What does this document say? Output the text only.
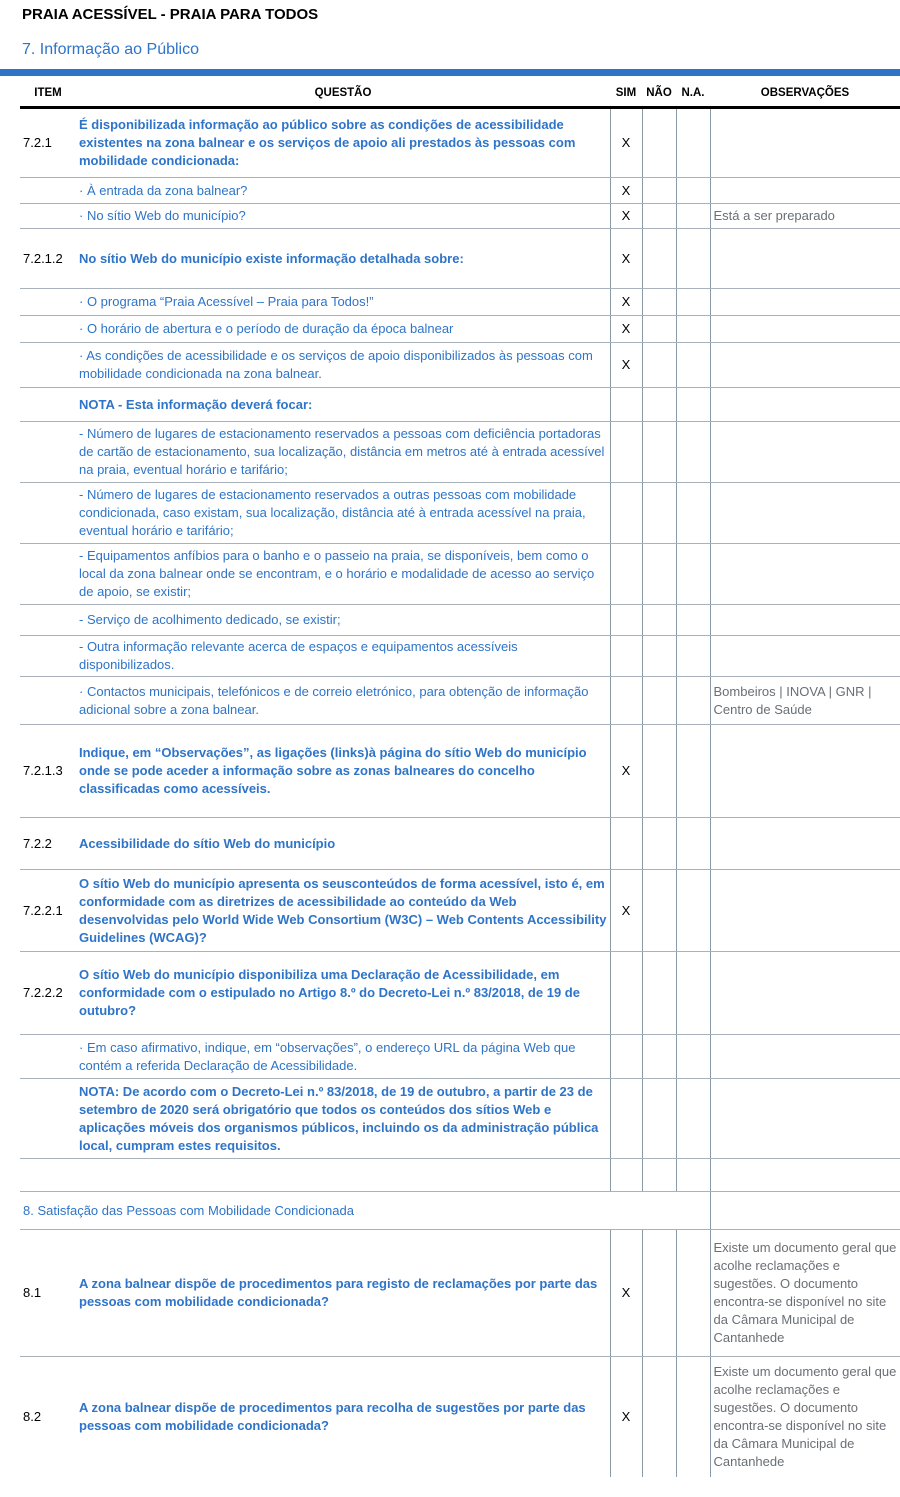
PRAIA ACESSÍVEL - PRAIA PARA TODOS
7. Informação ao Público
ITEM	QUESTÃO	SIM	NÃO	N.A.	OBSERVAÇÕES
7.2.1	É disponibilizada informação ao público sobre as condições de acessibilidade existentes na zona balnear e os serviços de apoio ali prestados às pessoas com mobilidade condicionada:	X			
	· À entrada da zona balnear?	X			
	· No sítio Web do município?	X			Está a ser preparado
7.2.1.2	No sítio Web do município existe informação detalhada sobre:	X			
	· O programa “Praia Acessível – Praia para Todos!”	X			
	· O horário de abertura e o período de duração da época balnear	X			
	· As condições de acessibilidade e os serviços de apoio disponibilizados às pessoas com mobilidade condicionada na zona balnear.	X			
	NOTA - Esta informação deverá focar:				
	- Número de lugares de estacionamento reservados a pessoas com deficiência portadoras de cartão de estacionamento, sua localização, distância em metros até à entrada acessível na praia, eventual horário e tarifário;				
	- Número de lugares de estacionamento reservados a outras pessoas com mobilidade condicionada, caso existam, sua localização, distância até à entrada acessível na praia, eventual horário e tarifário;				
	- Equipamentos anfíbios para o banho e o passeio na praia, se disponíveis, bem como o local da zona balnear onde se encontram, e o horário e modalidade de acesso ao serviço de apoio, se existir;				
	- Serviço de acolhimento dedicado, se existir;				
	- Outra informação relevante acerca de espaços e equipamentos acessíveis disponibilizados.				
	· Contactos municipais, telefónicos e de correio eletrónico, para obtenção de informação adicional sobre a zona balnear.				Bombeiros | INOVA | GNR | Centro de Saúde
7.2.1.3	Indique, em “Observações”, as ligações (links)à página do sítio Web do município onde se pode aceder a informação sobre as zonas balneares do concelho classificadas como acessíveis.	X			
7.2.2	Acessibilidade do sítio Web do município				
7.2.2.1	O sítio Web do município apresenta os seusconteúdos de forma acessível, isto é, em conformidade com as diretrizes de acessibilidade ao conteúdo da Web desenvolvidas pelo World Wide Web Consortium (W3C) – Web Contents Accessibility Guidelines (WCAG)?	X			
7.2.2.2	O sítio Web do município disponibiliza uma Declaração de Acessibilidade, em conformidade com o estipulado no Artigo 8.º do Decreto-Lei n.º 83/2018, de 19 de outubro?				
	· Em caso afirmativo, indique, em “observações”, o endereço URL da página Web que contém a referida Declaração de Acessibilidade.				
	NOTA: De acordo com o Decreto-Lei n.º 83/2018, de 19 de outubro, a partir de 23 de setembro de 2020 será obrigatório que todos os conteúdos dos sítios Web e aplicações móveis dos organismos públicos, incluindo os da administração pública local, cumpram estes requisitos.				

8. Satisfação das Pessoas com Mobilidade Condicionada					
8.1	A zona balnear dispõe de procedimentos para registo de reclamações por parte das pessoas com mobilidade condicionada?	X			Existe um documento geral que acolhe reclamações e sugestões. O documento encontra-se disponível no site da Câmara Municipal de Cantanhede
8.2	A zona balnear dispõe de procedimentos para recolha de sugestões por parte das pessoas com mobilidade condicionada?	X			Existe um documento geral que acolhe reclamações e sugestões. O documento encontra-se disponível no site da Câmara Municipal de Cantanhede
